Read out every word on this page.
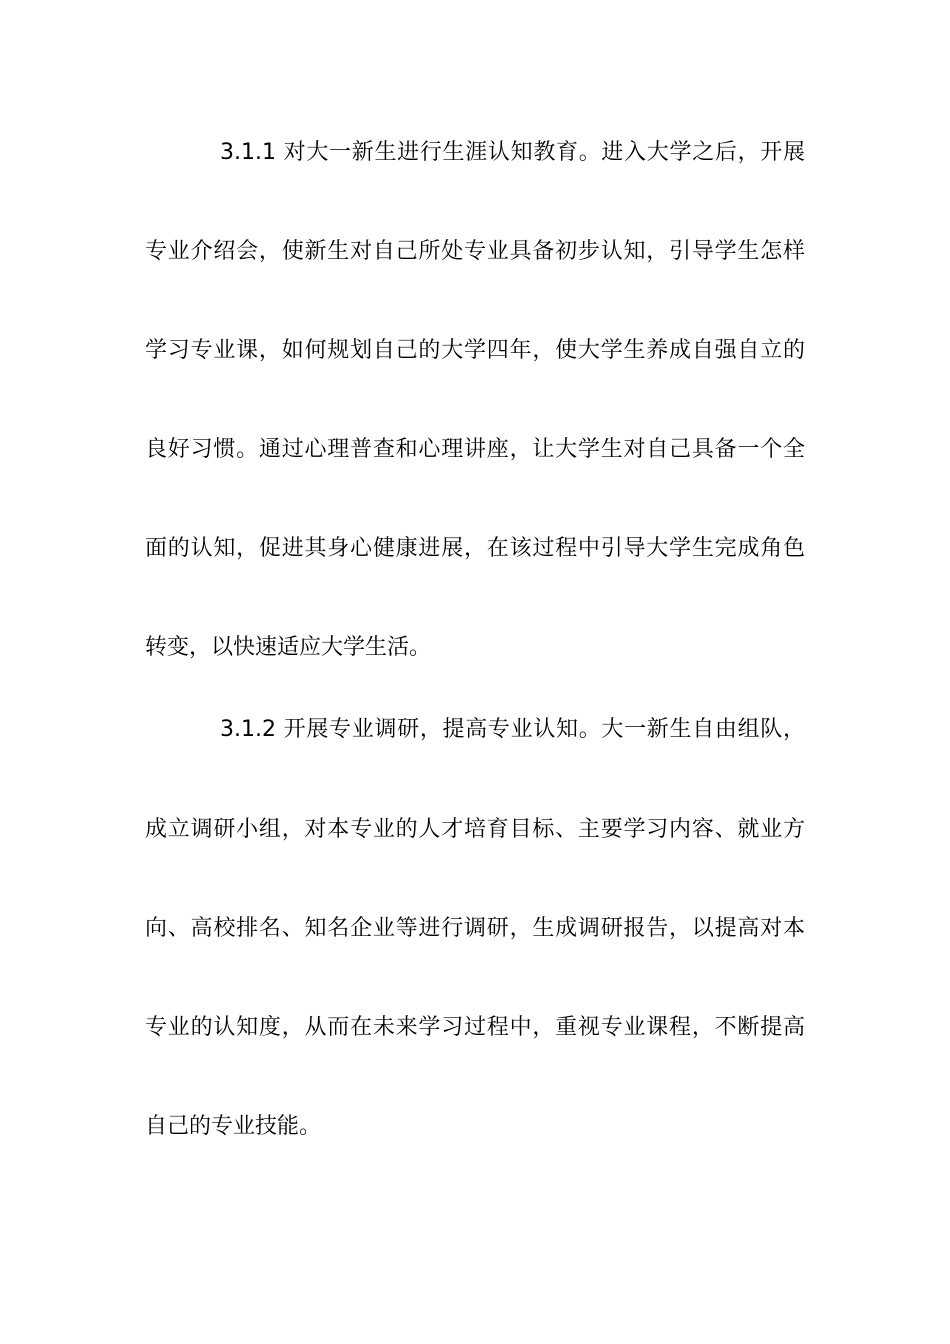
3.1.1 对大一新生进行生涯认知教育。进入大学之后，开展
专业介绍会，使新生对自己所处专业具备初步认知，引导学生怎样
学习专业课，如何规划自己的大学四年，使大学生养成自强自立的
良好习惯。通过心理普查和心理讲座，让大学生对自己具备一个全
面的认知，促进其身心健康进展，在该过程中引导大学生完成角色
转变，以快速适应大学生活。
3.1.2 开展专业调研，提高专业认知。大一新生自由组队，
成立调研小组，对本专业的人才培育目标、主要学习内容、就业方
向、高校排名、知名企业等进行调研，生成调研报告，以提高对本
专业的认知度，从而在未来学习过程中，重视专业课程，不断提高
自己的专业技能。
